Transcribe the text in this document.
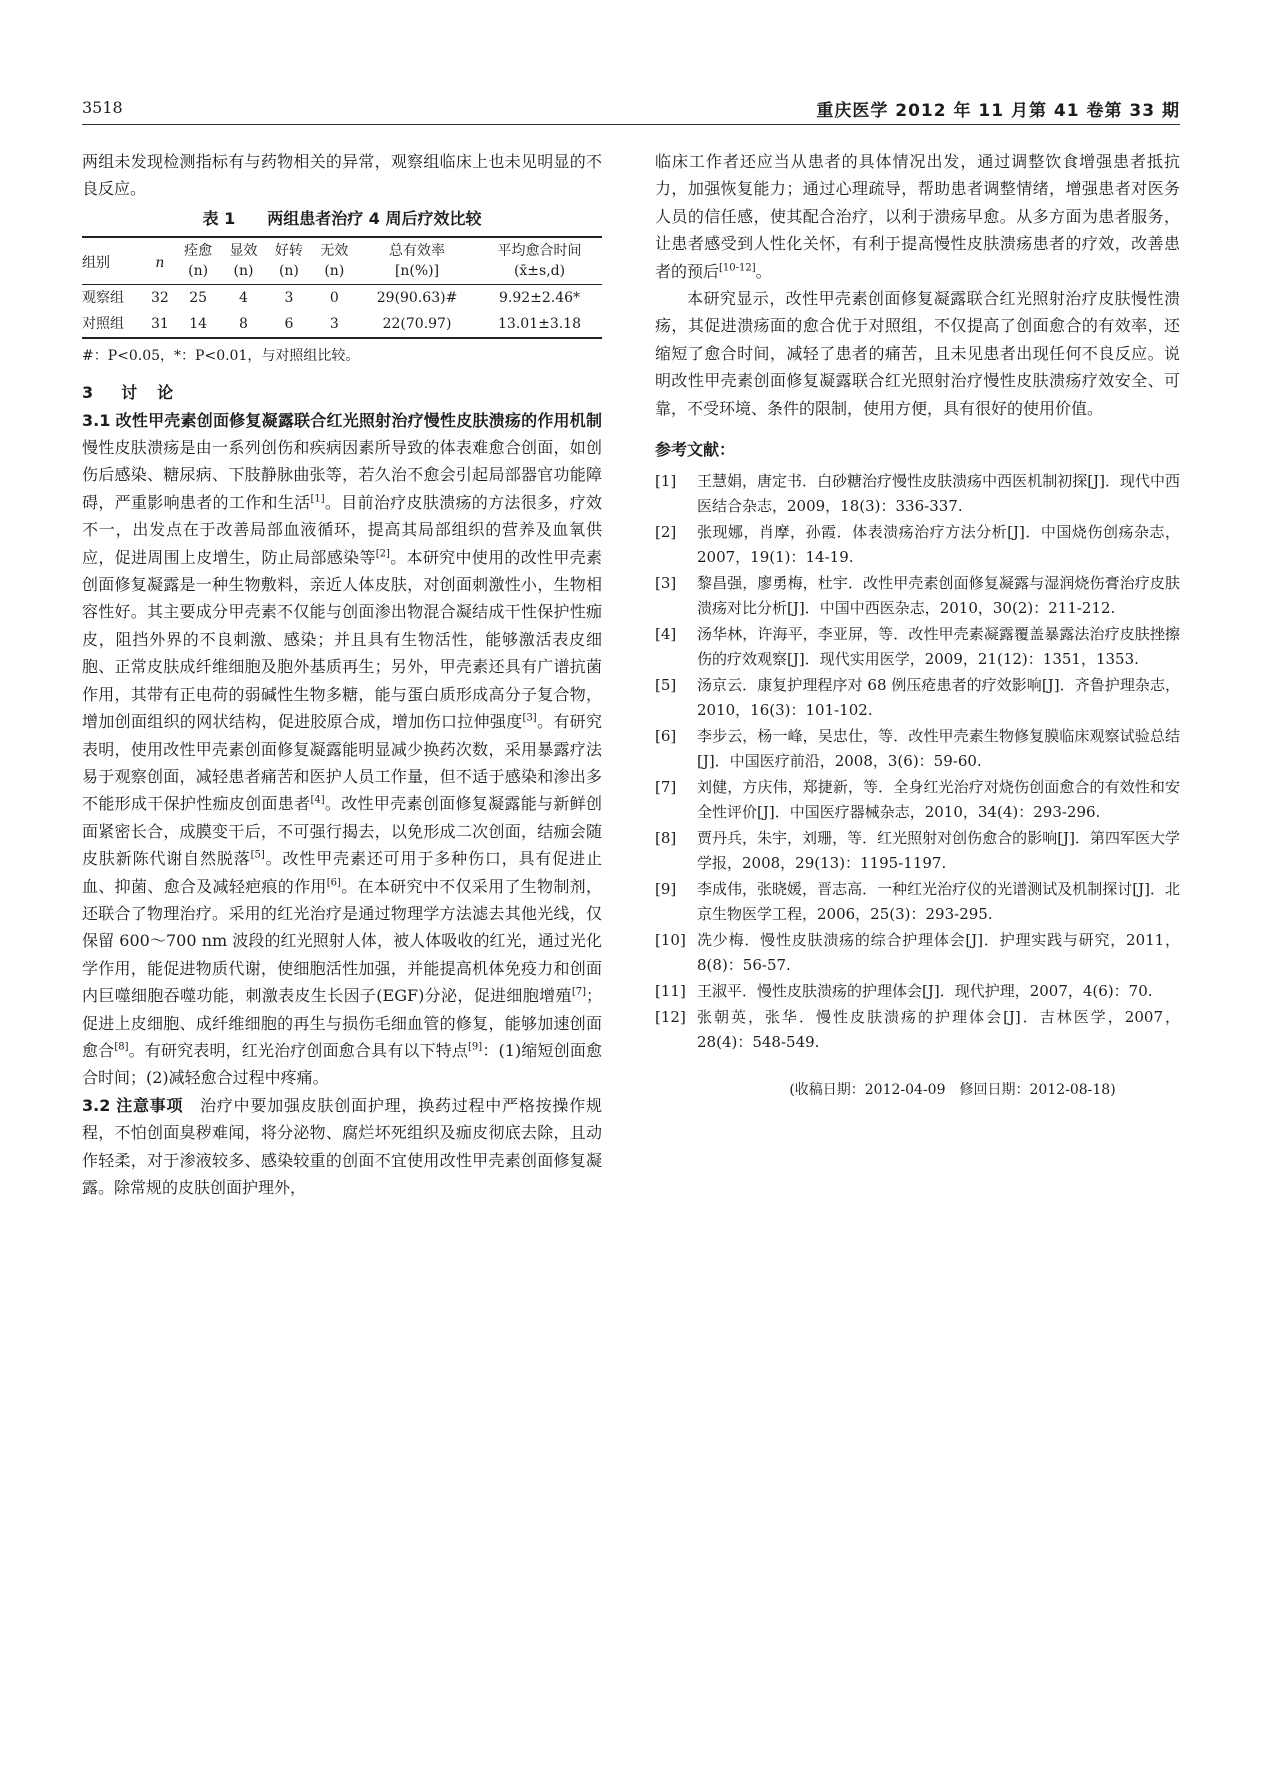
3518	重庆医学 2012 年 11 月第 41 卷第 33 期

两组未发现检测指标有与药物相关的异常，观察组临床上也未见明显的不良反应。

表 1 两组患者治疗 4 周后疗效比较
组别	n	痊愈	显效	好转	无效	总有效率	平均愈合时间
		(n)	(n)	(n)	(n)	[n(%)]	(x̄±s,d)
观察组	32	25	4	3	0	29(90.63)#	9.92±2.46*
对照组	31	14	8	6	3	22(70.97)	13.01±3.18
#：P<0.05，*：P<0.01，与对照组比较。
3 讨　论

3.1 改性甲壳素创面修复凝露联合红光照射治疗慢性皮肤溃疡的作用机制　慢性皮肤溃疡是由一系列创伤和疾病因素所导致的体表难愈合创面，如创伤后感染、糖尿病、下肢静脉曲张等，若久治不愈会引起局部器官功能障碍，严重影响患者的工作和生活[1]。目前治疗皮肤溃疡的方法很多，疗效不一，出发点在于改善局部血液循环，提高其局部组织的营养及血氧供应，促进周围上皮增生，防止局部感染等[2]。本研究中使用的改性甲壳素创面修复凝露是一种生物敷料，亲近人体皮肤，对创面刺激性小，生物相容性好。其主要成分甲壳素不仅能与创面渗出物混合凝结成干性保护性痂皮，阻挡外界的不良刺激、感染；并且具有生物活性，能够激活表皮细胞、正常皮肤成纤维细胞及胞外基质再生；另外，甲壳素还具有广谱抗菌作用，其带有正电荷的弱碱性生物多糖，能与蛋白质形成高分子复合物，增加创面组织的网状结构，促进胶原合成，增加伤口拉伸强度[3]。有研究表明，使用改性甲壳素创面修复凝露能明显减少换药次数，采用暴露疗法易于观察创面，减轻患者痛苦和医护人员工作量，但不适于感染和渗出多不能形成干保护性痂皮创面患者[4]。改性甲壳素创面修复凝露能与新鲜创面紧密长合，成膜变干后，不可强行揭去，以免形成二次创面，结痂会随皮肤新陈代谢自然脱落[5]。改性甲壳素还可用于多种伤口，具有促进止血、抑菌、愈合及减轻疤痕的作用[6]。在本研究中不仅采用了生物制剂，还联合了物理治疗。采用的红光治疗是通过物理学方法滤去其他光线，仅保留 600～700 nm 波段的红光照射人体，被人体吸收的红光，通过光化学作用，能促进物质代谢，使细胞活性加强，并能提高机体免疫力和创面内巨噬细胞吞噬功能，刺激表皮生长因子(EGF)分泌，促进细胞增殖[7]；促进上皮细胞、成纤维细胞的再生与损伤毛细血管的修复，能够加速创面愈合[8]。有研究表明，红光治疗创面愈合具有以下特点[9]：(1)缩短创面愈合时间；(2)减轻愈合过程中疼痛。

3.2 注意事项　 治疗中要加强皮肤创面护理，换药过程中严格按操作规程，不怕创面臭秽难闻，将分泌物、腐烂坏死组织及痂皮彻底去除，且动作轻柔，对于渗液较多、感染较重的创面不宜使用改性甲壳素创面修复凝露。除常规的皮肤创面护理外，

临床工作者还应当从患者的具体情况出发，通过调整饮食增强患者抵抗力，加强恢复能力；通过心理疏导，帮助患者调整情绪，增强患者对医务人员的信任感，使其配合治疗，以利于溃疡早愈。从多方面为患者服务，让患者感受到人性化关怀，有利于提高慢性皮肤溃疡患者的疗效，改善患者的预后[10-12]。

本研究显示，改性甲壳素创面修复凝露联合红光照射治疗皮肤慢性溃疡，其促进溃疡面的愈合优于对照组，不仅提高了创面愈合的有效率，还缩短了愈合时间，减轻了患者的痛苦，且未见患者出现任何不良反应。说明改性甲壳素创面修复凝露联合红光照射治疗慢性皮肤溃疡疗效安全、可靠，不受环境、条件的限制，使用方便，具有很好的使用价值。

参考文献：
[1]	王慧娟，唐定书．白砂糖治疗慢性皮肤溃疡中西医机制初探[J]．现代中西医结合杂志，2009，18(3)：336-337.
[2]	张现娜，肖摩，孙霞．体表溃疡治疗方法分析[J]．中国烧伤创疡杂志，2007，19(1)：14-19.
[3]	黎昌强，廖勇梅，杜宇．改性甲壳素创面修复凝露与湿润烧伤膏治疗皮肤溃疡对比分析[J]．中国中西医杂志，2010，30(2)：211-212.
[4]	汤华林，许海平，李亚屏，等．改性甲壳素凝露覆盖暴露法治疗皮肤挫擦伤的疗效观察[J]．现代实用医学，2009，21(12)：1351，1353.
[5]	汤京云．康复护理程序对 68 例压疮患者的疗效影响[J]．齐鲁护理杂志，2010，16(3)：101-102.
[6]	李步云，杨一峰，吴忠仕，等．改性甲壳素生物修复膜临床观察试验总结[J]．中国医疗前沿，2008，3(6)：59-60.
[7]	刘健，方庆伟，郑捷新，等．全身红光治疗对烧伤创面愈合的有效性和安全性评价[J]．中国医疗器械杂志，2010，34(4)：293-296.
[8]	贾丹兵，朱宇，刘珊，等．红光照射对创伤愈合的影响[J]．第四军医大学学报，2008，29(13)：1195-1197.
[9]	李成伟，张晓媛，晋志高．一种红光治疗仪的光谱测试及机制探讨[J]．北京生物医学工程，2006，25(3)：293-295.
[10] 冼少梅．慢性皮肤溃疡的综合护理体会[J]．护理实践与研究，2011，8(8)：56-57.
[11] 王淑平．慢性皮肤溃疡的护理体会[J]．现代护理，2007，4(6)：70.
[12] 张朝英，张华．慢性皮肤溃疡的护理体会[J]．吉林医学，2007，28(4)：548-549.
(收稿日期：2012-04-09　修回日期：2012-08-18)
